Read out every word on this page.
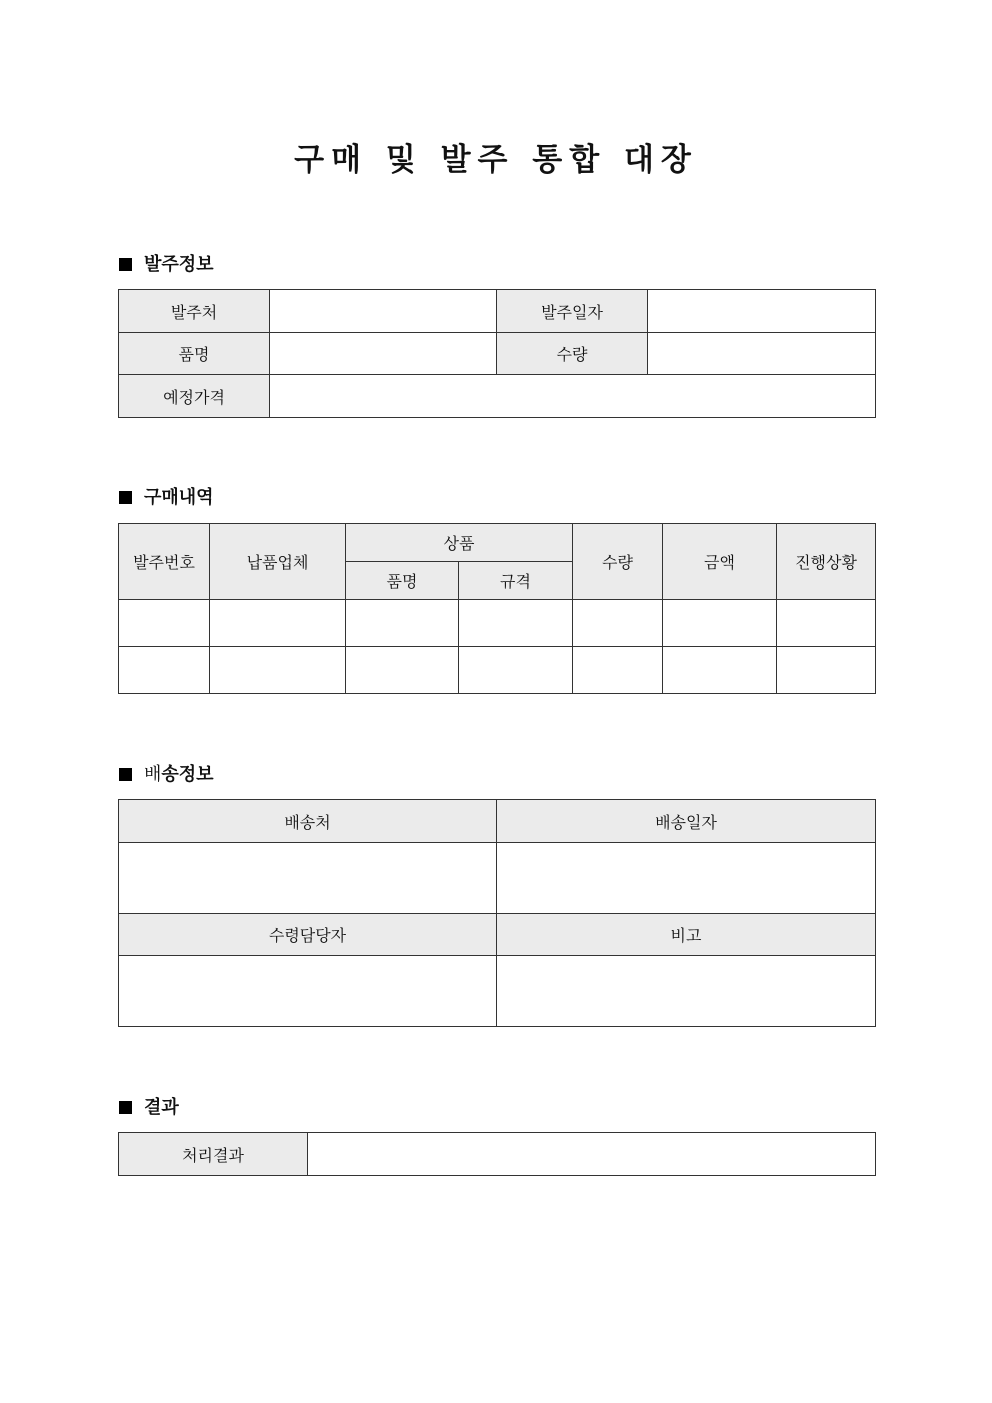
구매 및 발주 통합 대장
발주정보
발주처		발주일자	
품명		수량	
예정가격			
구매내역
발주번호	납품업체	상품		수량	금액	진행상황
		품명	규격			

배송정보
배송처	배송일자

수령담당자	비고

결과
처리결과	
